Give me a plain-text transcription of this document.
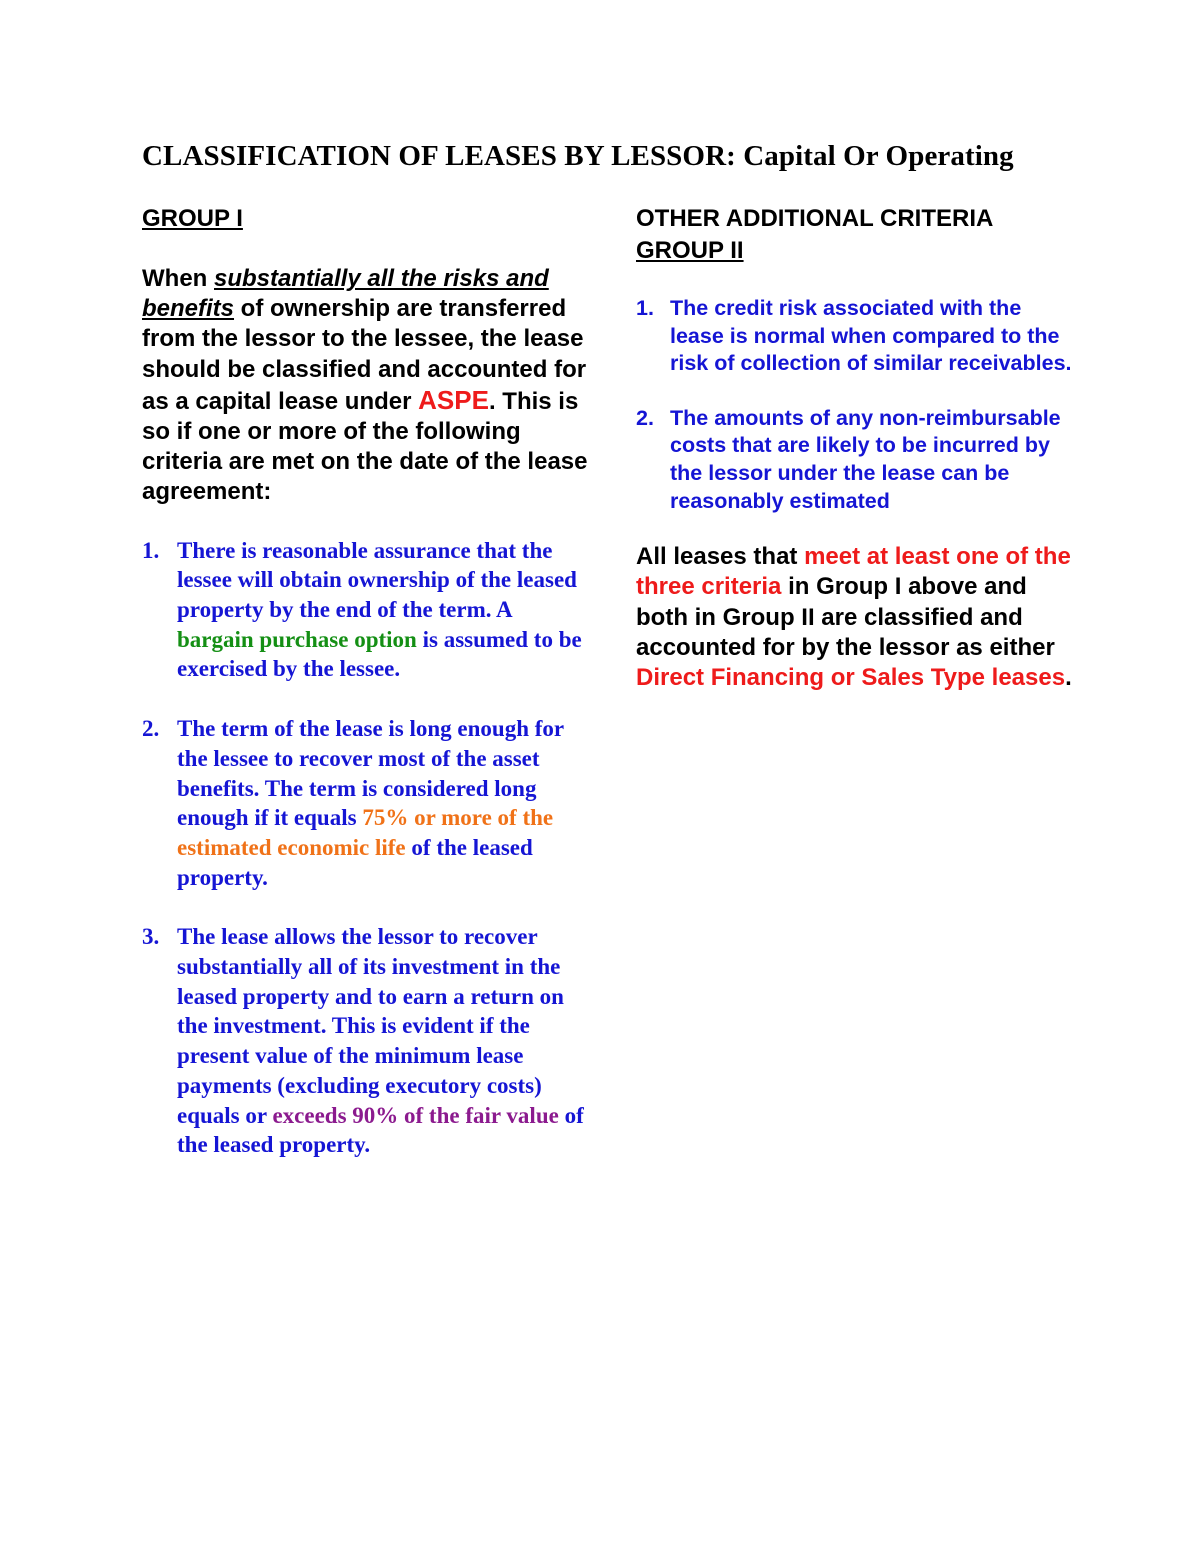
CLASSIFICATION OF LEASES BY LESSOR: Capital Or Operating
GROUP I
When substantially all the risks and benefits of ownership are transferred from the lessor to the lessee, the lease should be classified and accounted for as a capital lease under ASPE. This is so if one or more of the following criteria are met on the date of the lease agreement:
1. There is reasonable assurance that the lessee will obtain ownership of the leased property by the end of the term. A bargain purchase option is assumed to be exercised by the lessee.
2. The term of the lease is long enough for the lessee to recover most of the asset benefits. The term is considered long enough if it equals 75% or more of the estimated economic life of the leased property.
3. The lease allows the lessor to recover substantially all of its investment in the leased property and to earn a return on the investment. This is evident if the present value of the minimum lease payments (excluding executory costs) equals or exceeds 90% of the fair value of the leased property.
OTHER ADDITIONAL CRITERIA
GROUP II
1. The credit risk associated with the lease is normal when compared to the risk of collection of similar receivables.
2. The amounts of any non-reimbursable costs that are likely to be incurred by the lessor under the lease can be reasonably estimated
All leases that meet at least one of the three criteria in Group I above and both in Group II are classified and accounted for by the lessor as either Direct Financing or Sales Type leases.
